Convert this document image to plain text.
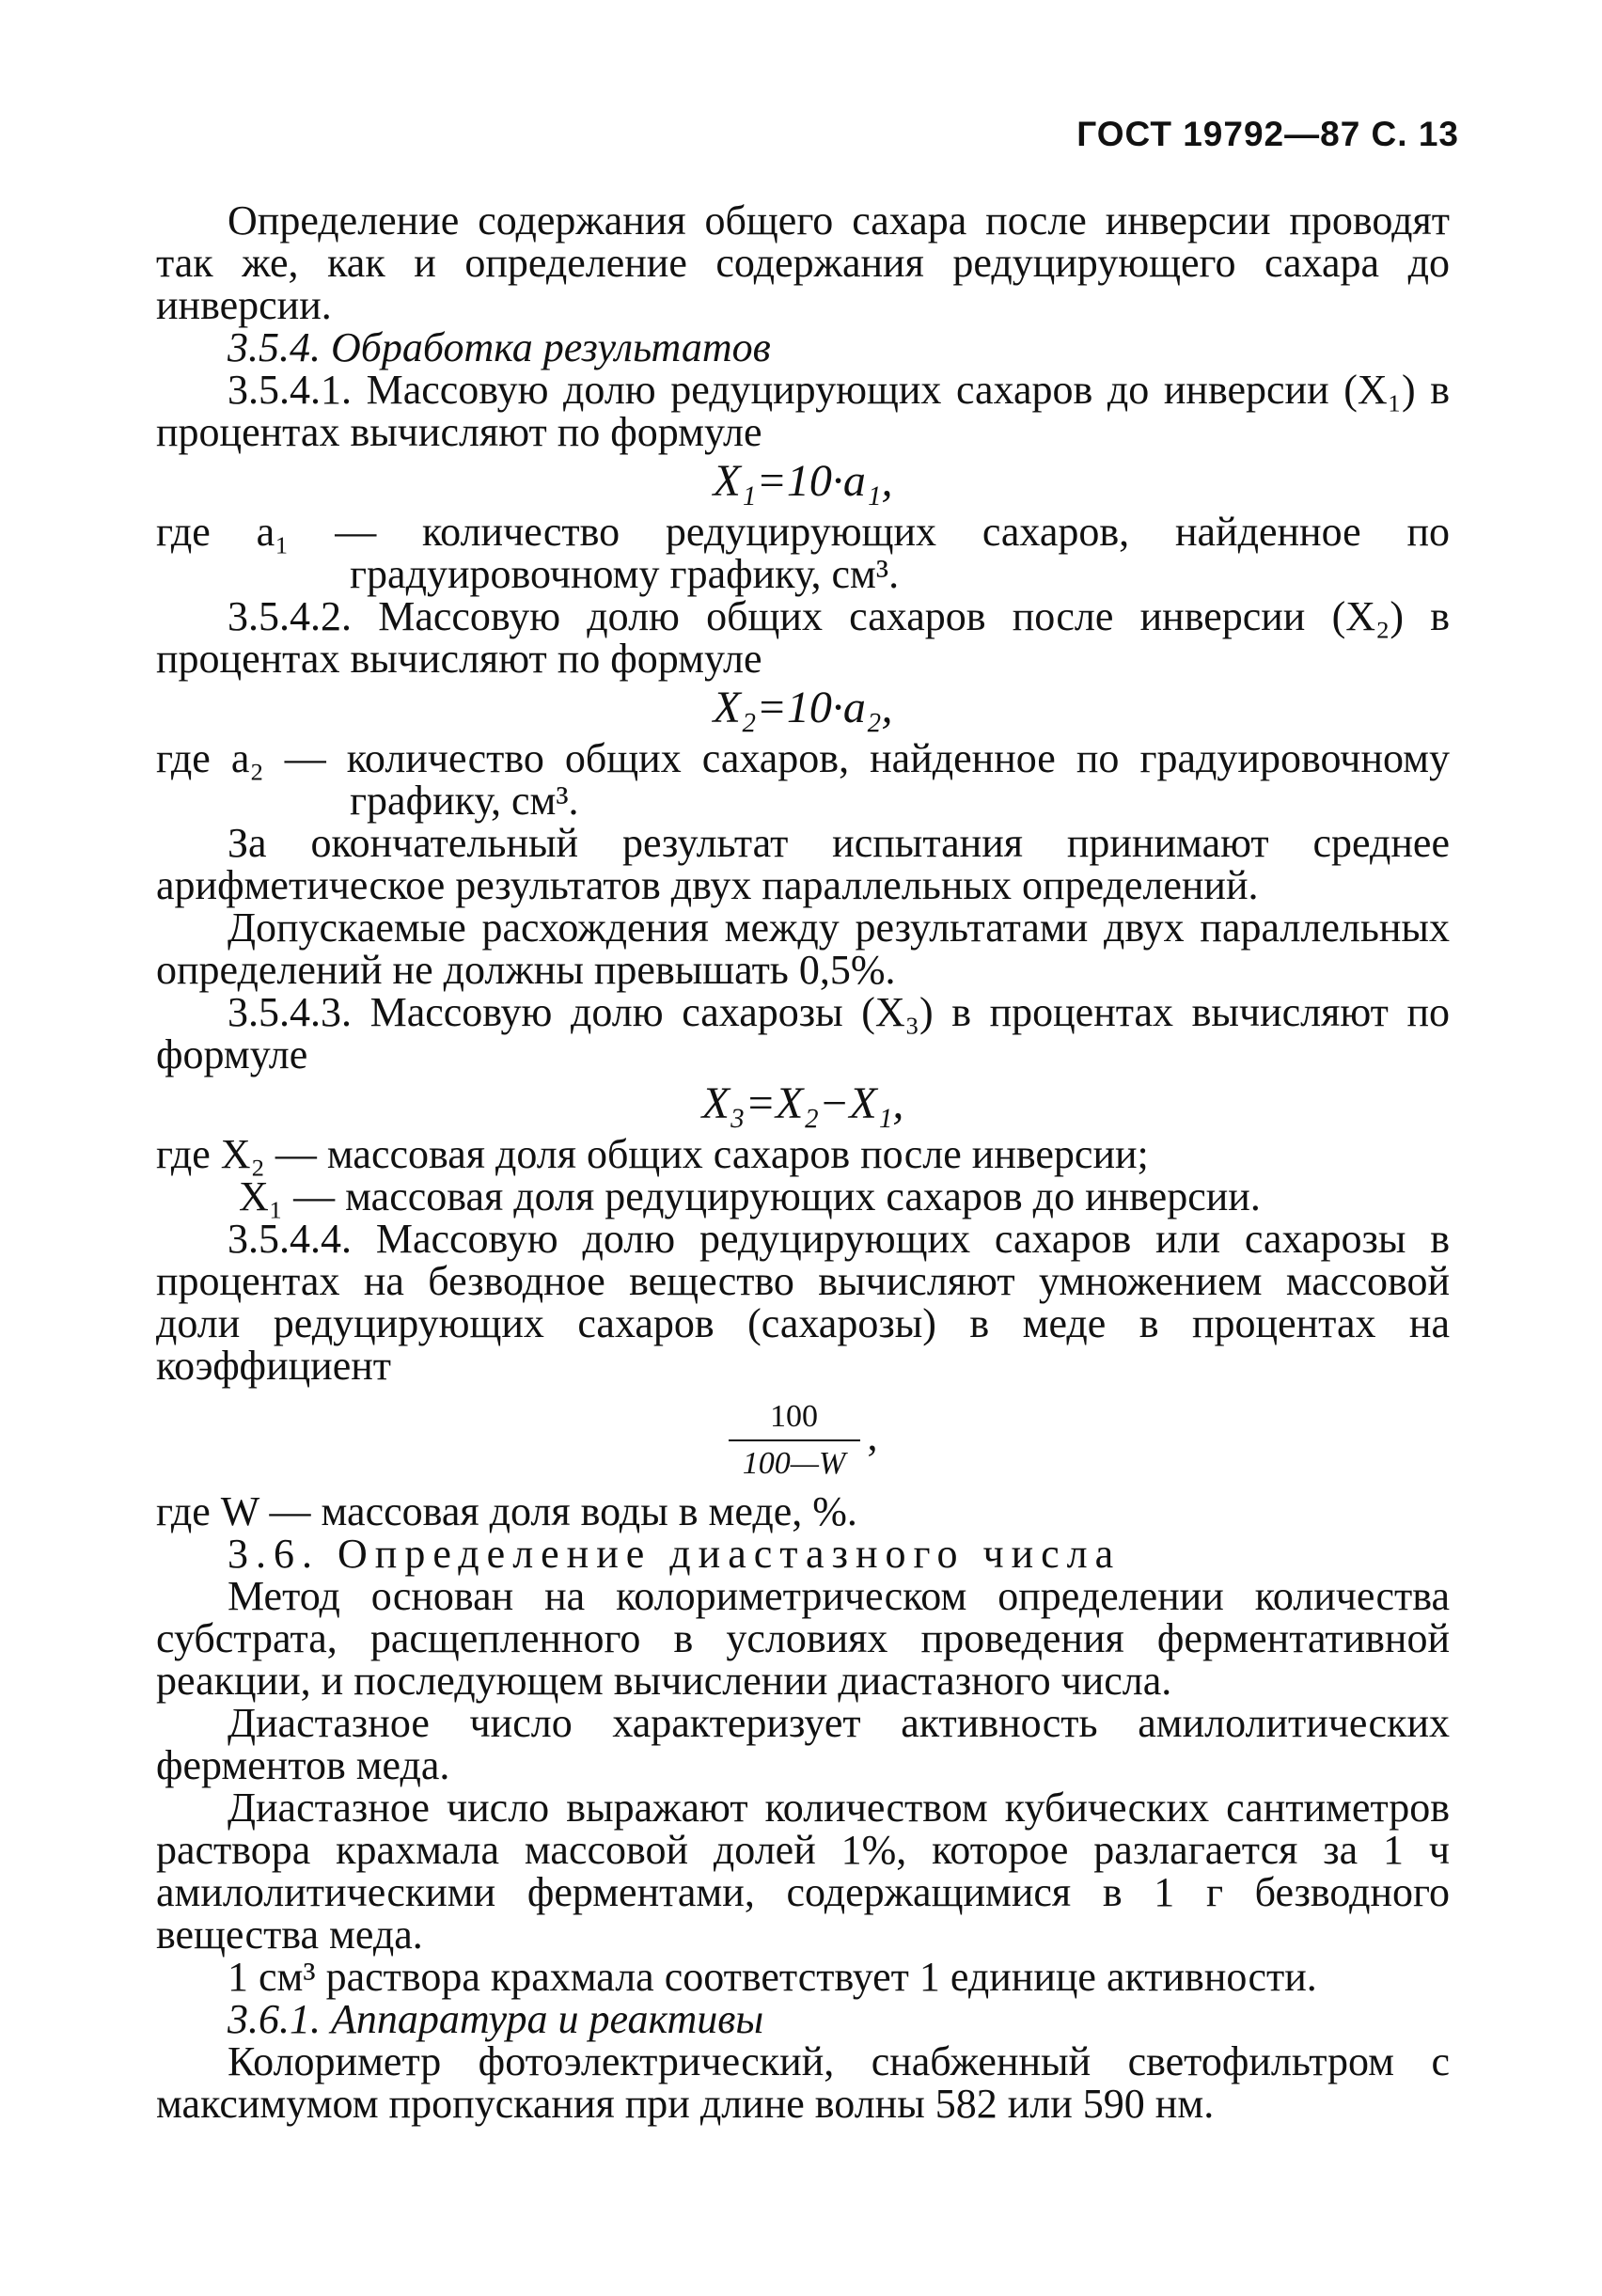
ГОСТ 19792—87 С. 13

Определение содержания общего сахара после инверсии проводят так же, как и определение содержания редуцирующего сахара до инверсии.

3.5.4. Обработка результатов

3.5.4.1. Массовую долю редуцирующих сахаров до инверсии (X₁) в процентах вычисляют по формуле

X₁=10·a₁,

где a₁ — количество редуцирующих сахаров, найденное по градуировочному графику, см³.

3.5.4.2. Массовую долю общих сахаров после инверсии (X₂) в процентах вычисляют по формуле

X₂=10·a₂,

где a₂ — количество общих сахаров, найденное по градуировочному графику, см³.

За окончательный результат испытания принимают среднее арифметическое результатов двух параллельных определений.

Допускаемые расхождения между результатами двух параллельных определений не должны превышать 0,5%.

3.5.4.3. Массовую долю сахарозы (X₃) в процентах вычисляют по формуле

X₃=X₂−X₁,

где X₂ — массовая доля общих сахаров после инверсии;

X₁ — массовая доля редуцирующих сахаров до инверсии.

3.5.4.4. Массовую долю редуцирующих сахаров или сахарозы в процентах на безводное вещество вычисляют умножением массовой доли редуцирующих сахаров (сахарозы) в меде в процентах на коэффициент

$\frac{100}{100—W}$ ,

где W — массовая доля воды в меде, %.

3.6. Определение диастазного числа

Метод основан на колориметрическом определении количества субстрата, расщепленного в условиях проведения ферментативной реакции, и последующем вычислении диастазного числа.

Диастазное число характеризует активность амилолитических ферментов меда.

Диастазное число выражают количеством кубических сантиметров раствора крахмала массовой долей 1%, которое разлагается за 1 ч амилолитическими ферментами, содержащимися в 1 г безводного вещества меда.

1 см³ раствора крахмала соответствует 1 единице активности.

3.6.1. Аппаратура и реактивы

Колориметр фотоэлектрический, снабженный светофильтром с максимумом пропускания при длине волны 582 или 590 нм.
